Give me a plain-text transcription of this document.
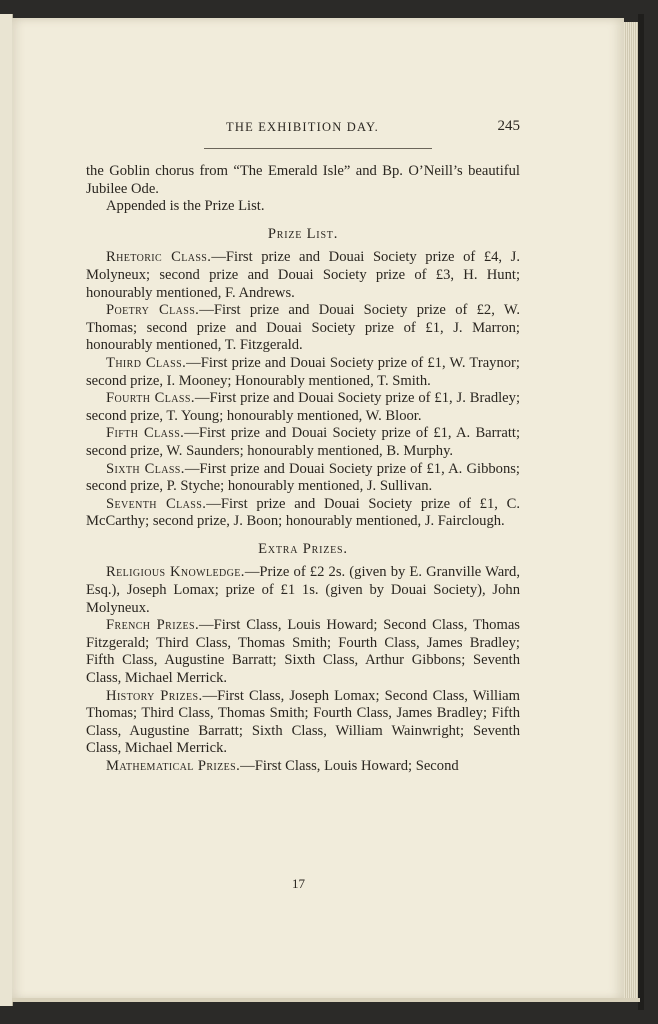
THE EXHIBITION DAY.	245

the Goblin chorus from “The Emerald Isle” and Bp. O’Neill’s beautiful Jubilee Ode.

Appended is the Prize List.

Prize List.

Rhetoric Class.—First prize and Douai Society prize of £4, J. Molyneux; second prize and Douai Society prize of £3, H. Hunt; honourably mentioned, F. Andrews.

Poetry Class.—First prize and Douai Society prize of £2, W. Thomas; second prize and Douai Society prize of £1, J. Marron; honourably mentioned, T. Fitzgerald.

Third Class.—First prize and Douai Society prize of £1, W. Traynor; second prize, I. Mooney; Honourably mentioned, T. Smith.

Fourth Class.—First prize and Douai Society prize of £1, J. Bradley; second prize, T. Young; honourably mentioned, W. Bloor.

Fifth Class.—First prize and Douai Society prize of £1, A. Barratt; second prize, W. Saunders; honourably mentioned, B. Murphy.

Sixth Class.—First prize and Douai Society prize of £1, A. Gibbons; second prize, P. Styche; honourably mentioned, J. Sullivan.

Seventh Class.—First prize and Douai Society prize of £1, C. McCarthy; second prize, J. Boon; honourably mentioned, J. Fairclough.

Extra Prizes.

Religious Knowledge.—Prize of £2 2s. (given by E. Granville Ward, Esq.), Joseph Lomax; prize of £1 1s. (given by Douai Society), John Molyneux.

French Prizes.—First Class, Louis Howard; Second Class, Thomas Fitzgerald; Third Class, Thomas Smith; Fourth Class, James Bradley; Fifth Class, Augustine Barratt; Sixth Class, Arthur Gibbons; Seventh Class, Michael Merrick.

History Prizes.—First Class, Joseph Lomax; Second Class, William Thomas; Third Class, Thomas Smith; Fourth Class, James Bradley; Fifth Class, Augustine Barratt; Sixth Class, William Wainwright; Seventh Class, Michael Merrick.

Mathematical Prizes.—First Class, Louis Howard; Second

17
